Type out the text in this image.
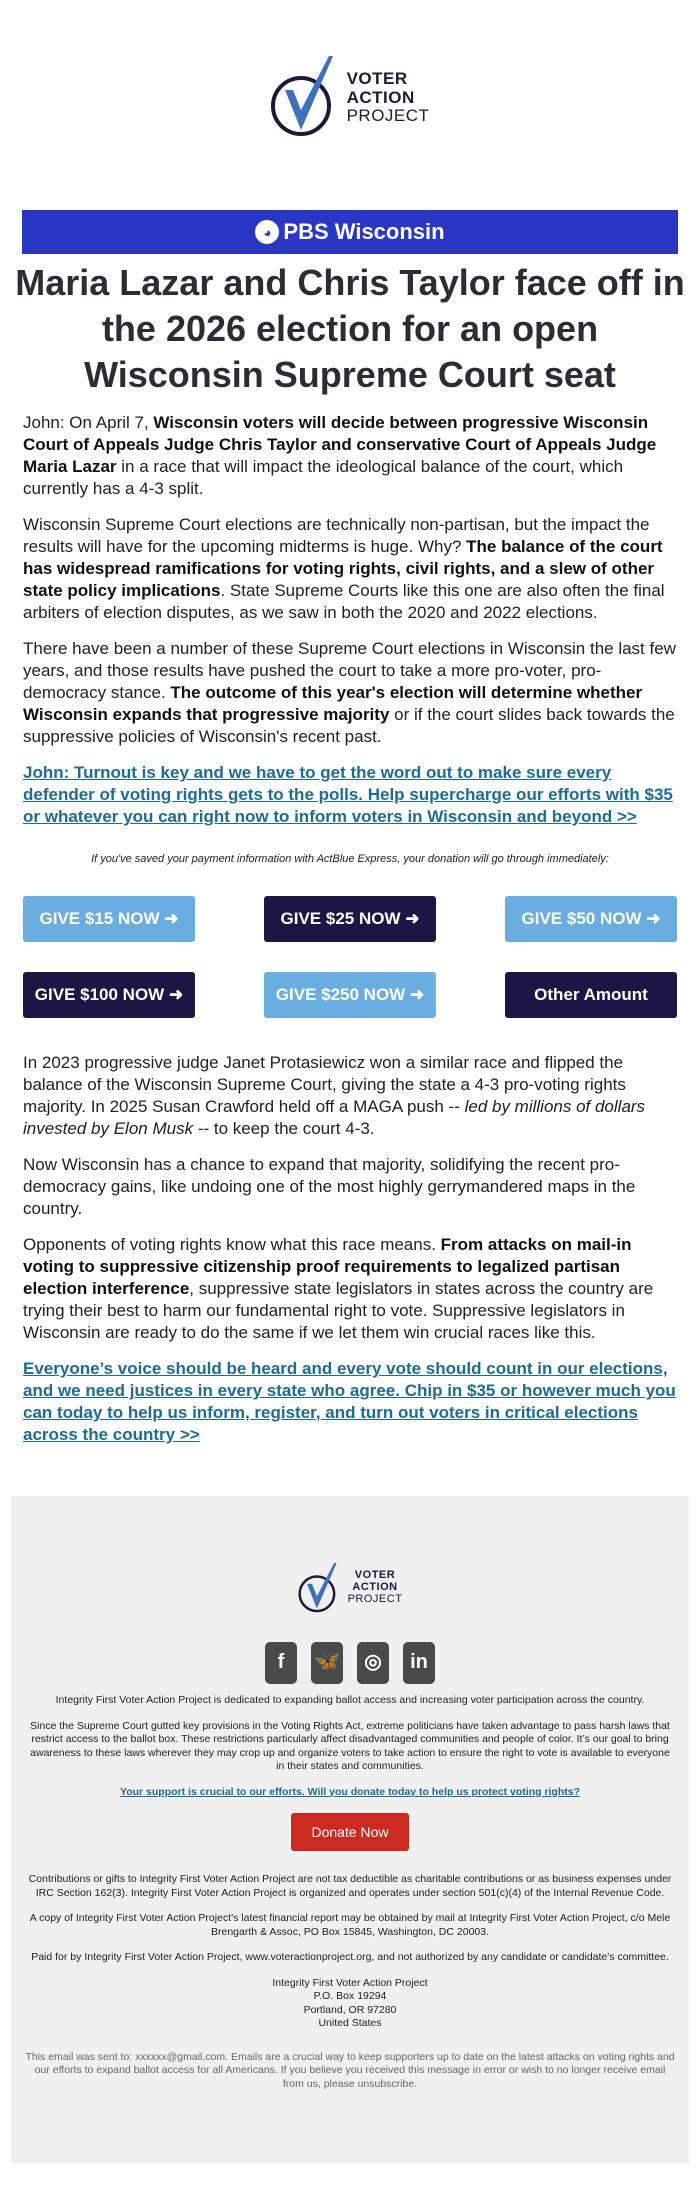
VOTER
ACTION
PROJECT
◕ PBS Wisconsin
Maria Lazar and Chris Taylor face off in the 2026 election for an open Wisconsin Supreme Court seat

John: On April 7, Wisconsin voters will decide between progressive Wisconsin Court of Appeals Judge Chris Taylor and conservative Court of Appeals Judge Maria Lazar in a race that will impact the ideological balance of the court, which currently has a 4-3 split.

Wisconsin Supreme Court elections are technically non-partisan, but the impact the results will have for the upcoming midterms is huge. Why? The balance of the court has widespread ramifications for voting rights, civil rights, and a slew of other state policy implications. State Supreme Courts like this one are also often the final arbiters of election disputes, as we saw in both the 2020 and 2022 elections.

There have been a number of these Supreme Court elections in Wisconsin the last few years, and those results have pushed the court to take a more pro-voter, pro-democracy stance. The outcome of this year's election will determine whether Wisconsin expands that progressive majority or if the court slides back towards the suppressive policies of Wisconsin's recent past.

John: Turnout is key and we have to get the word out to make sure every defender of voting rights gets to the polls. Help supercharge our efforts with $35 or whatever you can right now to inform voters in Wisconsin and beyond >>
If you've saved your payment information with ActBlue Express, your donation will go through immediately:
GIVE $15 NOW ➜	GIVE $25 NOW ➜	GIVE $50 NOW ➜
GIVE $100 NOW ➜	GIVE $250 NOW ➜	Other Amount

In 2023 progressive judge Janet Protasiewicz won a similar race and flipped the balance of the Wisconsin Supreme Court, giving the state a 4-3 pro-voting rights majority. In 2025 Susan Crawford held off a MAGA push -- led by millions of dollars invested by Elon Musk -- to keep the court 4-3.

Now Wisconsin has a chance to expand that majority, solidifying the recent pro-democracy gains, like undoing one of the most highly gerrymandered maps in the country.

Opponents of voting rights know what this race means. From attacks on mail-in voting to suppressive citizenship proof requirements to legalized partisan election interference, suppressive state legislators in states across the country are trying their best to harm our fundamental right to vote. Suppressive legislators in Wisconsin are ready to do the same if we let them win crucial races like this.

Everyone’s voice should be heard and every vote should count in our elections, and we need justices in every state who agree. Chip in $35 or however much you can today to help us inform, register, and turn out voters in critical elections across the country >>
VOTER
ACTION
PROJECT
f	🦋	◎	in

Integrity First Voter Action Project is dedicated to expanding ballot access and increasing voter participation across the country.

Since the Supreme Court gutted key provisions in the Voting Rights Act, extreme politicians have taken advantage to pass harsh laws that restrict access to the ballot box. These restrictions particularly affect disadvantaged communities and people of color. It’s our goal to bring awareness to these laws wherever they may crop up and organize voters to take action to ensure the right to vote is available to everyone in their states and communities.

Your support is crucial to our efforts. Will you donate today to help us protect voting rights?

Donate Now

Contributions or gifts to Integrity First Voter Action Project are not tax deductible as charitable contributions or as business expenses under IRC Section 162(3). Integrity First Voter Action Project is organized and operates under section 501(c)(4) of the Internal Revenue Code.

A copy of Integrity First Voter Action Project's latest financial report may be obtained by mail at Integrity First Voter Action Project, c/o Mele Brengarth & Assoc, PO Box 15845, Washington, DC 20003.

Paid for by Integrity First Voter Action Project, www.voteractionproject.org, and not authorized by any candidate or candidate's committee.

Integrity First Voter Action Project
P.O. Box 19294
Portland, OR 97280
United States

This email was sent to: xxxxxx@gmail.com. Emails are a crucial way to keep supporters up to date on the latest attacks on voting rights and our efforts to expand ballot access for all Americans. If you believe you received this message in error or wish to no longer receive email from us, please unsubscribe.
